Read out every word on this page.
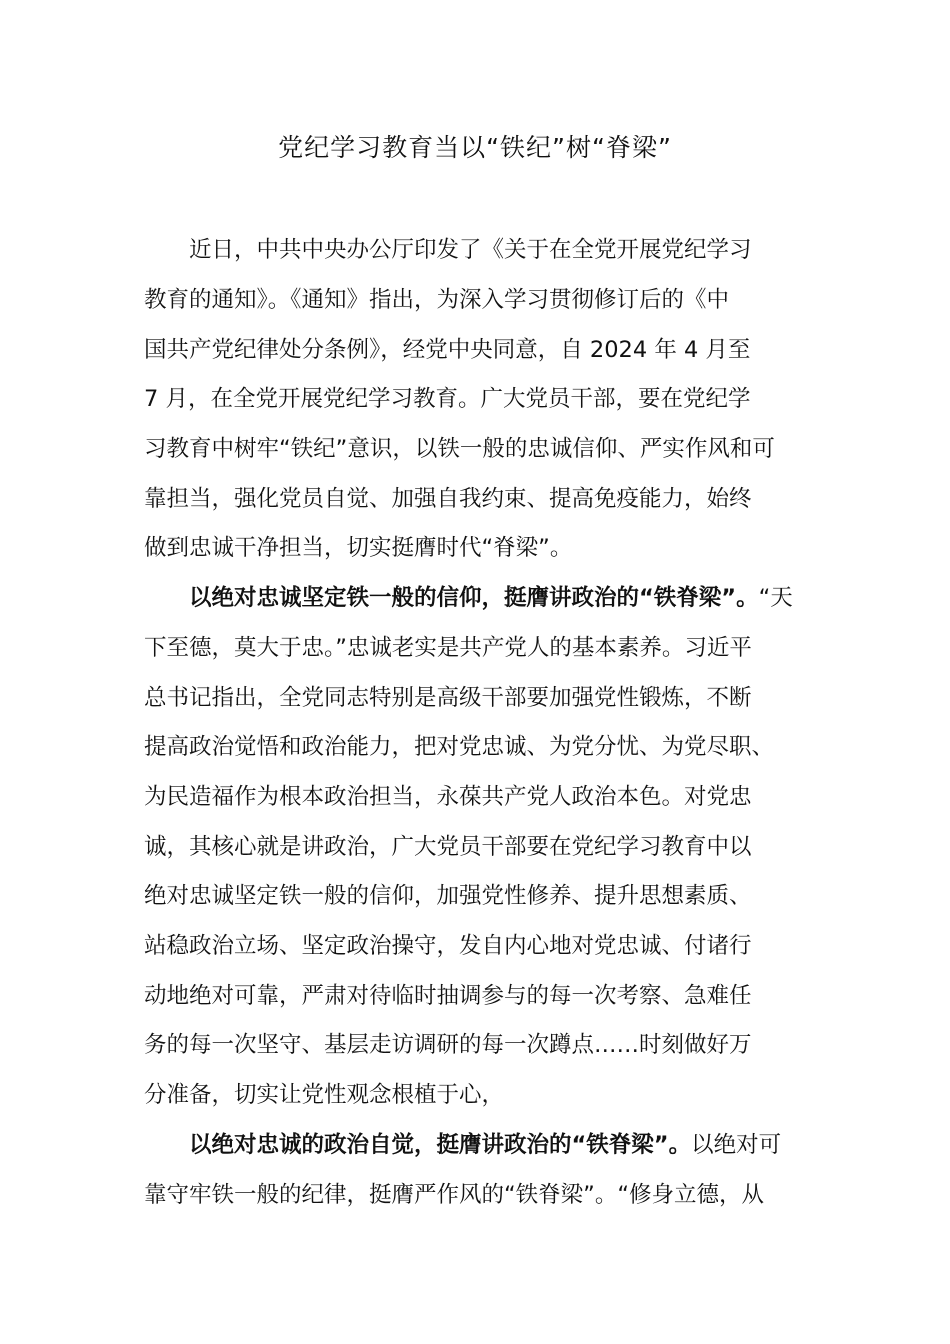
党纪学习教育当以“铁纪”树“脊梁”
　　近日，中共中央办公厅印发了《关于在全党开展党纪学习
教育的通知》。《通知》指出，为深入学习贯彻修订后的《中
国共产党纪律处分条例》，经党中央同意，自 2024 年 4 月至
7 月，在全党开展党纪学习教育。广大党员干部，要在党纪学
习教育中树牢“铁纪”意识，以铁一般的忠诚信仰、严实作风和可
靠担当，强化党员自觉、加强自我约束、提高免疫能力，始终
做到忠诚干净担当，切实挺膺时代“脊梁”。
　　以绝对忠诚坚定铁一般的信仰，挺膺讲政治的“铁脊梁”。“天
下至德，莫大于忠。”忠诚老实是共产党人的基本素养。习近平
总书记指出，全党同志特别是高级干部要加强党性锻炼，不断
提高政治觉悟和政治能力，把对党忠诚、为党分忧、为党尽职、
为民造福作为根本政治担当，永葆共产党人政治本色。对党忠
诚，其核心就是讲政治，广大党员干部要在党纪学习教育中以
绝对忠诚坚定铁一般的信仰，加强党性修养、提升思想素质、
站稳政治立场、坚定政治操守，发自内心地对党忠诚、付诸行
动地绝对可靠，严肃对待临时抽调参与的每一次考察、急难任
务的每一次坚守、基层走访调研的每一次蹲点……时刻做好万
分准备，切实让党性观念根植于心，
　　以绝对忠诚的政治自觉，挺膺讲政治的“铁脊梁”。以绝对可
靠守牢铁一般的纪律，挺膺严作风的“铁脊梁”。“修身立德，从
